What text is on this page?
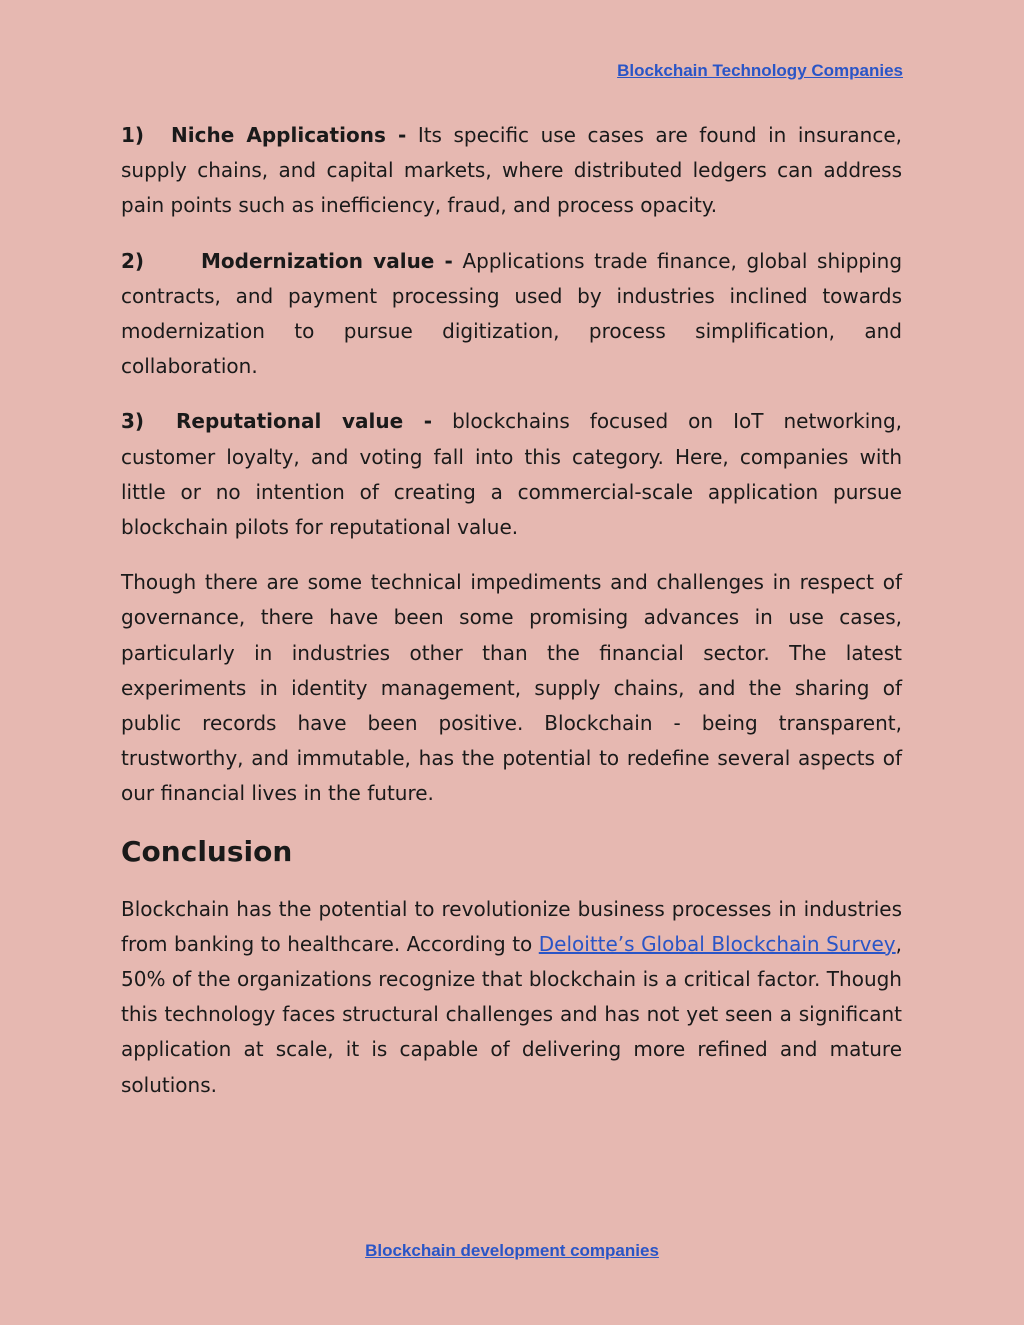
Blockchain Technology Companies

1) Niche Applications - Its specific use cases are found in insurance, supply chains, and capital markets, where distributed ledgers can address pain points such as inefficiency, fraud, and process opacity.

2)	Modernization value - Applications trade finance, global shipping contracts, and payment processing used by industries inclined towards modernization to pursue digitization, process simplification, and collaboration.

3) Reputational value - blockchains focused on IoT networking, customer loyalty, and voting fall into this category. Here, companies with little or no intention of creating a commercial-scale application pursue blockchain pilots for reputational value.

Though there are some technical impediments and challenges in respect of governance, there have been some promising advances in use cases, particularly in industries other than the financial sector. The latest experiments in identity management, supply chains, and the sharing of public records have been positive. Blockchain - being transparent, trustworthy, and immutable, has the potential to redefine several aspects of our financial lives in the future.

Conclusion

Blockchain has the potential to revolutionize business processes in industries from banking to healthcare. According to Deloitte’s Global Blockchain Survey, 50% of the organizations recognize that blockchain is a critical factor. Though this technology faces structural challenges and has not yet seen a significant application at scale, it is capable of delivering more refined and mature solutions.

Blockchain development companies
